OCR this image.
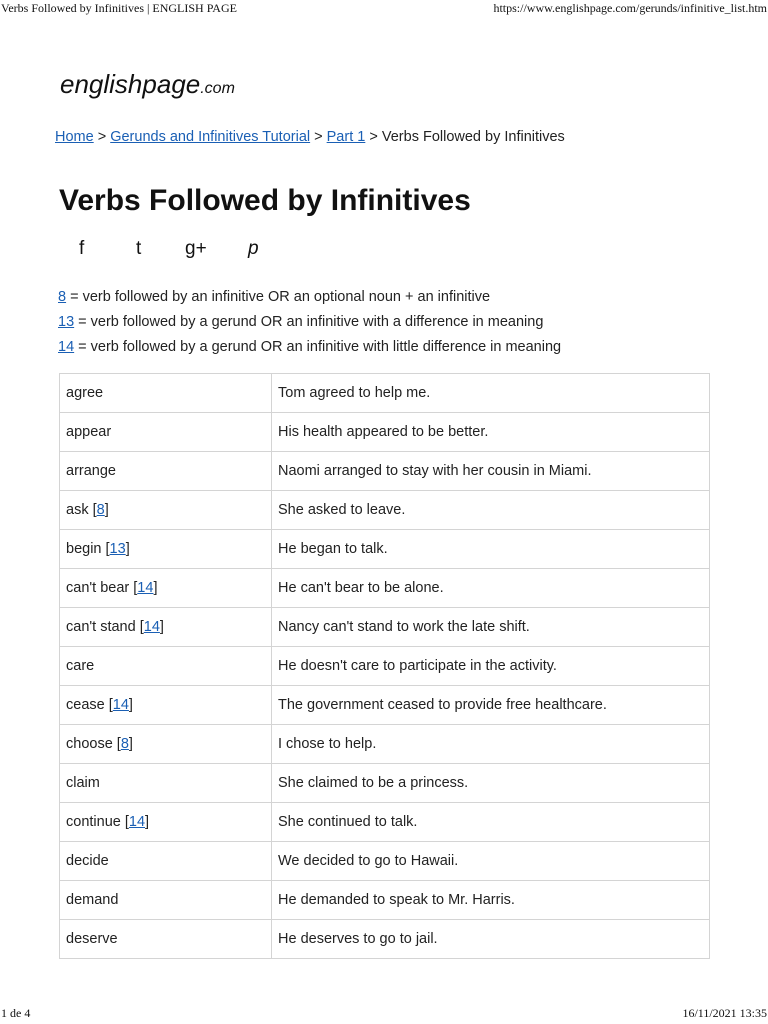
Verbs Followed by Infinitives | ENGLISH PAGE	https://www.englishpage.com/gerunds/infinitive_list.htm
englishpage.com
Home > Gerunds and Infinitives Tutorial > Part 1 > Verbs Followed by Infinitives
Verbs Followed by Infinitives
f	t g+ p
8 = verb followed by an infinitive OR an optional noun + an infinitive
13 = verb followed by a gerund OR an infinitive with a difference in meaning
14 = verb followed by a gerund OR an infinitive with little difference in meaning
agree	Tom agreed to help me.
appear	His health appeared to be better.
arrange	Naomi arranged to stay with her cousin in Miami.
ask [8]	She asked to leave.
begin [13]	He began to talk.
can't bear [14]	He can't bear to be alone.
can't stand [14]	Nancy can't stand to work the late shift.
care	He doesn't care to participate in the activity.
cease [14]	The government ceased to provide free healthcare.
choose [8]	I chose to help.
claim	She claimed to be a princess.
continue [14]	She continued to talk.
decide	We decided to go to Hawaii.
demand	He demanded to speak to Mr. Harris.
deserve	He deserves to go to jail.
1 de 4	16/11/2021 13:35
